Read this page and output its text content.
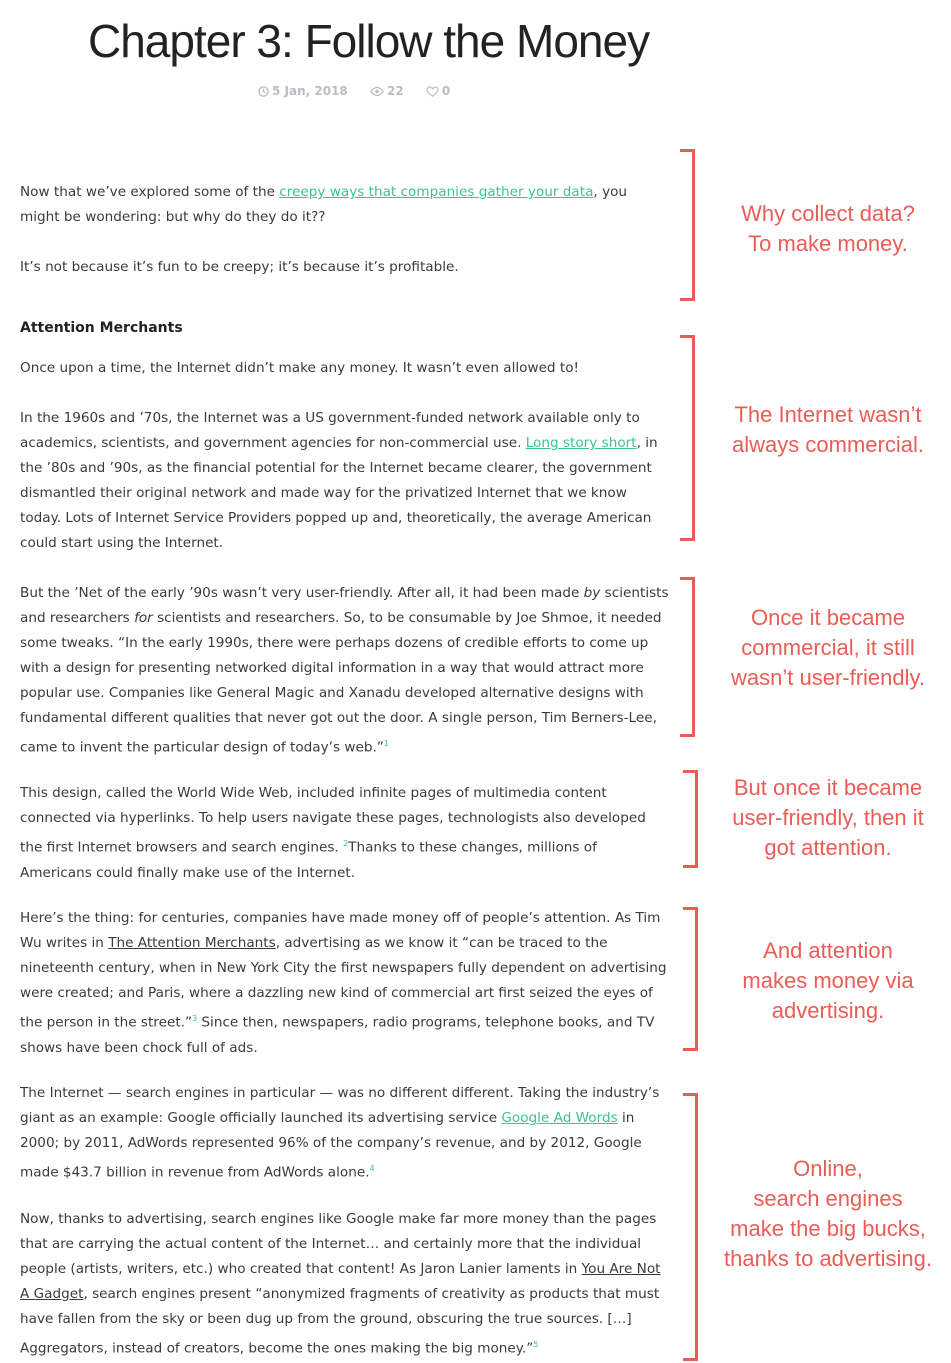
Chapter 3: Follow the Money
5 Jan, 2018
	22
	0

Now that we’ve explored some of the creepy ways that companies gather your data, you might be wondering: but why do they do it??

It’s not because it’s fun to be creepy; it’s because it’s profitable.

Attention Merchants

Once upon a time, the Internet didn’t make any money. It wasn’t even allowed to!

In the 1960s and ’70s, the Internet was a US government-funded network available only to academics, scientists, and government agencies for non-commercial use. Long story short, in the ’80s and ’90s, as the financial potential for the Internet became clearer, the government dismantled their original network and made way for the privatized Internet that we know today. Lots of Internet Service Providers popped up and, theoretically, the average American could start using the Internet.

But the ’Net of the early ’90s wasn’t very user-friendly. After all, it had been made by scientists and researchers for scientists and researchers. So, to be consumable by Joe Shmoe, it needed some tweaks. “In the early 1990s, there were perhaps dozens of credible efforts to come up with a design for presenting networked digital information in a way that would attract more popular use. Companies like General Magic and Xanadu developed alternative designs with fundamental different qualities that never got out the door. A single person, Tim Berners-Lee, came to invent the particular design of today’s web.”$^1$

This design, called the World Wide Web, included infinite pages of multimedia content connected via hyperlinks. To help users navigate these pages, technologists also developed the first Internet browsers and search engines. $^2$Thanks to these changes, millions of Americans could finally make use of the Internet.

Here’s the thing: for centuries, companies have made money off of people’s attention. As Tim Wu writes in The Attention Merchants, advertising as we know it “can be traced to the nineteenth century, when in New York City the first newspapers fully dependent on advertising were created; and Paris, where a dazzling new kind of commercial art first seized the eyes of the person in the street.”$^3$ Since then, newspapers, radio programs, telephone books, and TV shows have been chock full of ads.

The Internet — search engines in particular — was no different different. Taking the industry’s giant as an example: Google officially launched its advertising service Google Ad Words in 2000; by 2011, AdWords represented 96% of the company’s revenue, and by 2012, Google made $43.7 billion in revenue from AdWords alone.$^4$

Now, thanks to advertising, search engines like Google make far more money than the pages that are carrying the actual content of the Internet… and certainly more that the individual people (artists, writers, etc.) who created that content! As Jaron Lanier laments in You Are Not A Gadget, search engines present “anonymized fragments of creativity as products that must have fallen from the sky or been dug up from the ground, obscuring the true sources. […] Aggregators, instead of creators, become the ones making the big money.”$^5$

Why collect data?
To make money.
The Internet wasn’t
always commercial.
Once it became
commercial, it still
wasn’t user-friendly.
But once it became
user-friendly, then it
got attention.
And attention
makes money via
advertising.
Online,
search engines
make the big bucks,
thanks to advertising.
